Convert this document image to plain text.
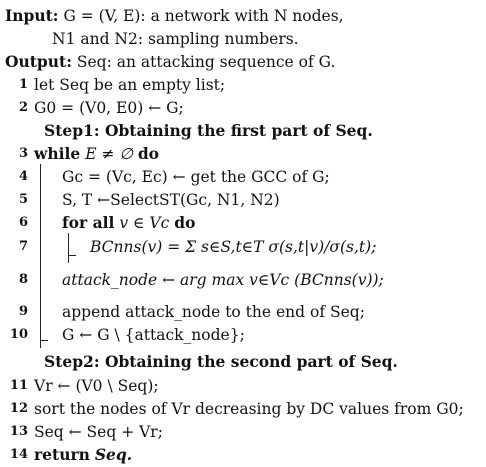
Input: G = (V, E): a network with N nodes,
N1 and N2: sampling numbers.
Output: Seq: an attacking sequence of G.
1 let Seq be an empty list;
2 G0 = (V0, E0) ← G;
Step1: Obtaining the first part of Seq.
3 while E ≠ ∅ do
4 Gc = (Vc, Ec) ← get the GCC of G;
5 S, T ←SelectST(Gc, N1, N2)
6 for all v ∈ Vc do
7	BCnns(v) = Σ s∈S,t∈T σ(s,t|v)/σ(s,t);
8 attack_node ← arg max v∈Vc (BCnns(v));
9 append attack_node to the end of Seq;
10 G ← G \ {attack_node};
Step2: Obtaining the second part of Seq.
11 Vr ← (V0 \ Seq);
12 sort the nodes of Vr decreasing by DC values from G0;
13 Seq ← Seq + Vr;
14 return Seq.
